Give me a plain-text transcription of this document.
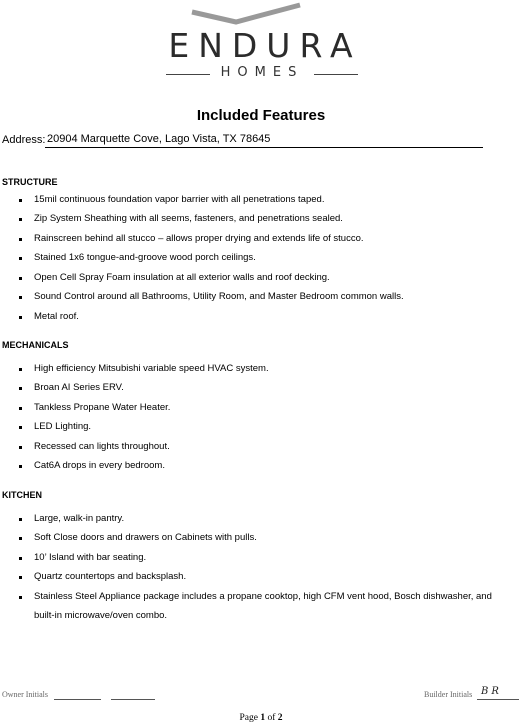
ENDURA
HOMES
Included Features
Address: 20904 Marquette Cove, Lago Vista, TX 78645
STRUCTURE
15mil continuous foundation vapor barrier with all penetrations taped.
Zip System Sheathing with all seems, fasteners, and penetrations sealed.
Rainscreen behind all stucco – allows proper drying and extends life of stucco.
Stained 1x6 tongue-and-groove wood porch ceilings.
Open Cell Spray Foam insulation at all exterior walls and roof decking.
Sound Control around all Bathrooms, Utility Room, and Master Bedroom common walls.
Metal roof.
MECHANICALS
High efficiency Mitsubishi variable speed HVAC system.
Broan AI Series ERV.
Tankless Propane Water Heater.
LED Lighting.
Recessed can lights throughout.
Cat6A drops in every bedroom.
KITCHEN
Large, walk-in pantry.
Soft Close doors and drawers on Cabinets with pulls.
10’ Island with bar seating.
Quartz countertops and backsplash.
Stainless Steel Appliance package includes a propane cooktop, high CFM vent hood, Bosch dishwasher, and
built-in microwave/oven combo.
Owner Initials	Builder Initials BR
Page 1 of 2
